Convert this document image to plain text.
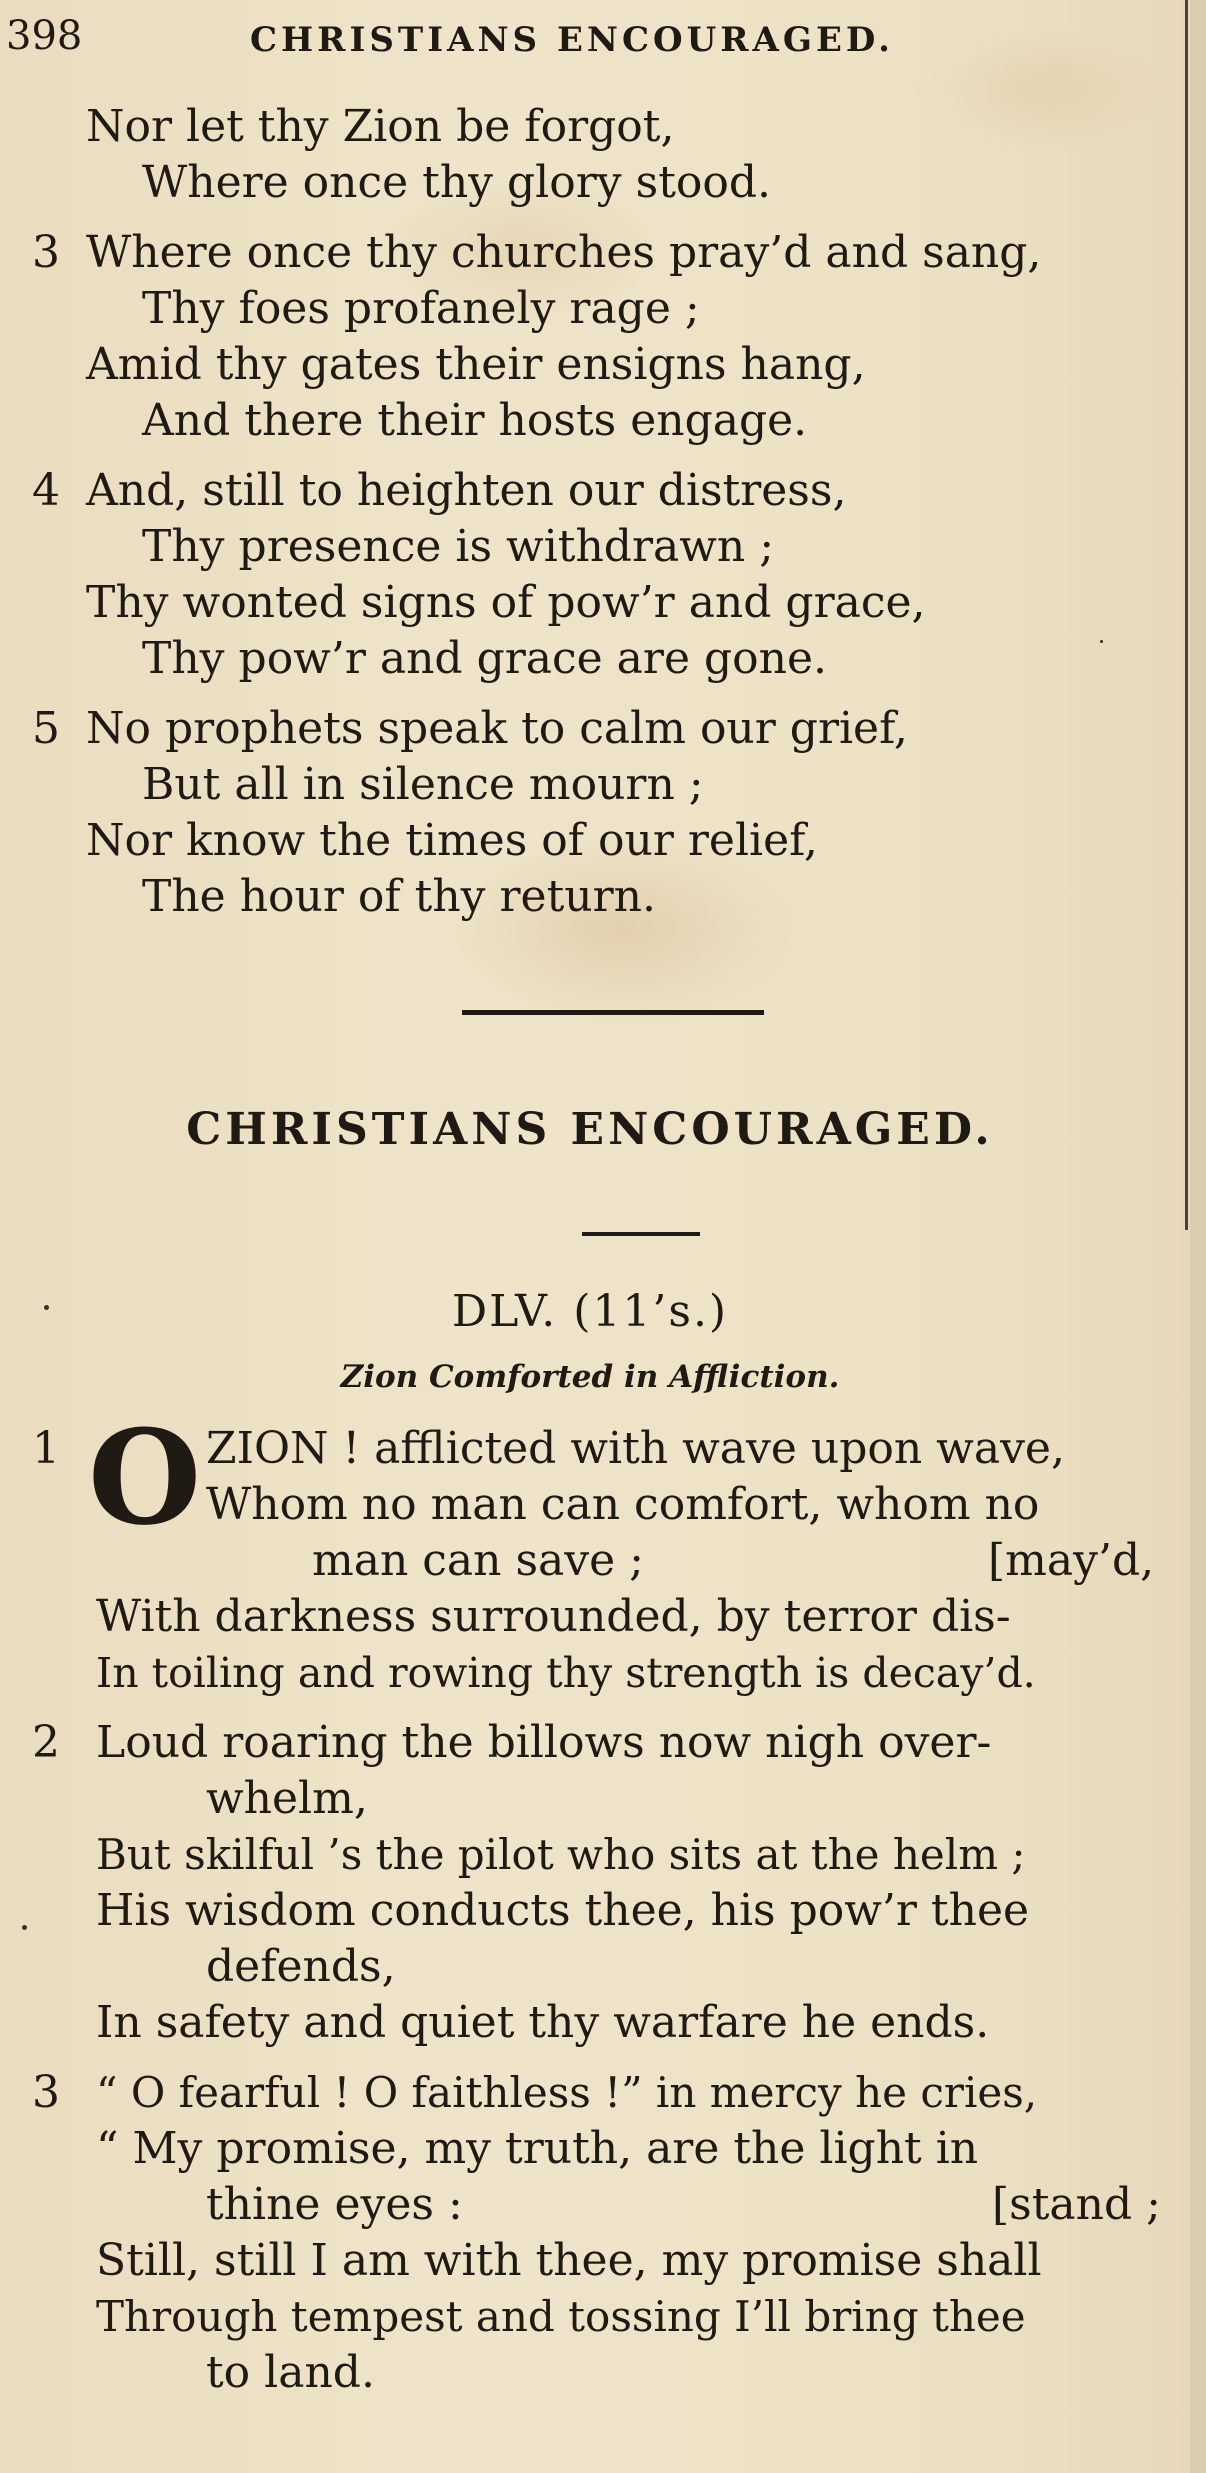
398	CHRISTIANS ENCOURAGED.
Nor let thy Zion be forgot,
Where once thy glory stood.
3 Where once thy churches pray’d and sang,
Thy foes profanely rage ;
Amid thy gates their ensigns hang,
And there their hosts engage.
4 And, still to heighten our distress,
Thy presence is withdrawn ;
Thy wonted signs of pow’r and grace,
Thy pow’r and grace are gone.
5 No prophets speak to calm our grief,
But all in silence mourn ;
Nor know the times of our relief,
The hour of thy return.
CHRISTIANS ENCOURAGED.
DLV. (11’s.)
Zion Comforted in Affliction.
1 O ZION ! afflicted with wave upon wave,
Whom no man can comfort, whom no
man can save ;	[may’d,
With darkness surrounded, by terror dis-
In toiling and rowing thy strength is decay’d.
2 Loud roaring the billows now nigh over-
whelm,
But skilful ’s the pilot who sits at the helm ;
His wisdom conducts thee, his pow’r thee
defends,
In safety and quiet thy warfare he ends.
3 “ O fearful ! O faithless !” in mercy he cries,
“ My promise, my truth, are the light in
thine eyes :	[stand ;
Still, still I am with thee, my promise shall
Through tempest and tossing I’ll bring thee
to land.
